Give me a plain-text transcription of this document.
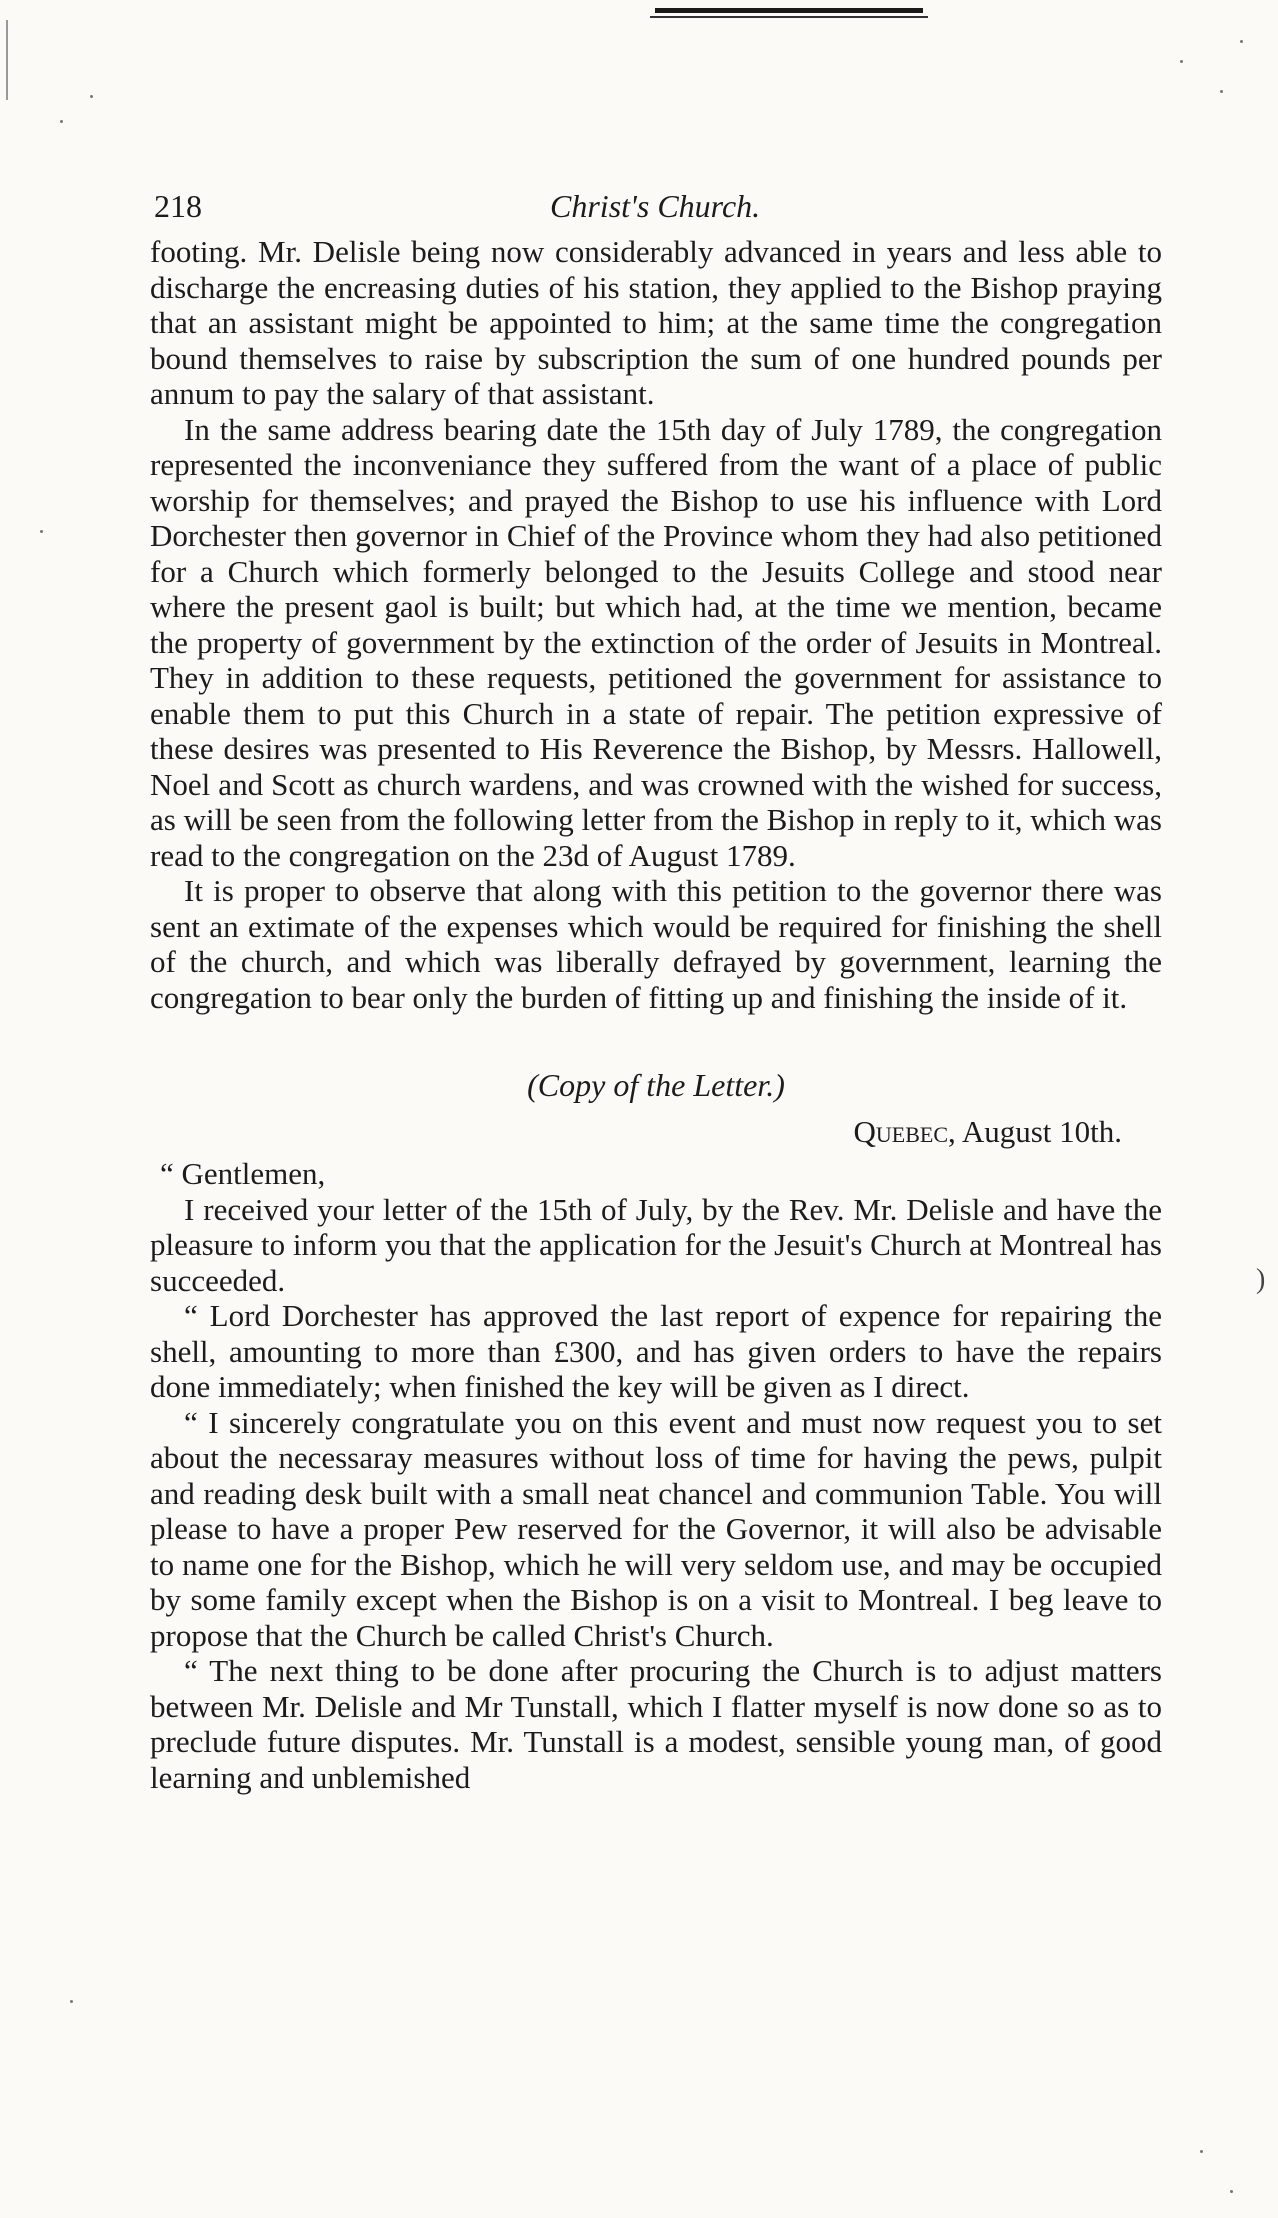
218	Christ's Church.

footing. Mr. Delisle being now considerably advanced in years and less able to discharge the encreasing duties of his station, they applied to the Bishop praying that an assistant might be appointed to him; at the same time the congregation bound themselves to raise by subscription the sum of one hundred pounds per annum to pay the salary of that assistant.

In the same address bearing date the 15th day of July 1789, the congregation represented the inconveniance they suffered from the want of a place of public worship for themselves; and prayed the Bishop to use his influence with Lord Dorchester then governor in Chief of the Province whom they had also petitioned for a Church which formerly belonged to the Jesuits College and stood near where the present gaol is built; but which had, at the time we mention, became the property of government by the extinction of the order of Jesuits in Montreal. They in addition to these requests, petitioned the government for assistance to enable them to put this Church in a state of repair. The petition expressive of these desires was presented to His Reverence the Bishop, by Messrs. Hallowell, Noel and Scott as church wardens, and was crowned with the wished for success, as will be seen from the following letter from the Bishop in reply to it, which was read to the congregation on the 23d of August 1789.

It is proper to observe that along with this petition to the governor there was sent an extimate of the expenses which would be required for finishing the shell of the church, and which was liberally defrayed by government, learning the congregation to bear only the burden of fitting up and finishing the inside of it.

(Copy of the Letter.)
Quebec, August 10th.

“ Gentlemen,

I received your letter of the 15th of July, by the Rev. Mr. Delisle and have the pleasure to inform you that the application for the Jesuit's Church at Montreal has succeeded.

“ Lord Dorchester has approved the last report of expence for repairing the shell, amounting to more than £300, and has given orders to have the repairs done immediately; when finished the key will be given as I direct.

“ I sincerely congratulate you on this event and must now request you to set about the necessaray measures without loss of time for having the pews, pulpit and reading desk built with a small neat chancel and communion Table. You will please to have a proper Pew reserved for the Governor, it will also be advisable to name one for the Bishop, which he will very seldom use, and may be occupied by some family except when the Bishop is on a visit to Montreal. I beg leave to propose that the Church be called Christ's Church.

“ The next thing to be done after procuring the Church is to adjust matters between Mr. Delisle and Mr Tunstall, which I flatter myself is now done so as to preclude future disputes. Mr. Tunstall is a modest, sensible young man, of good learning and unblemished

)
